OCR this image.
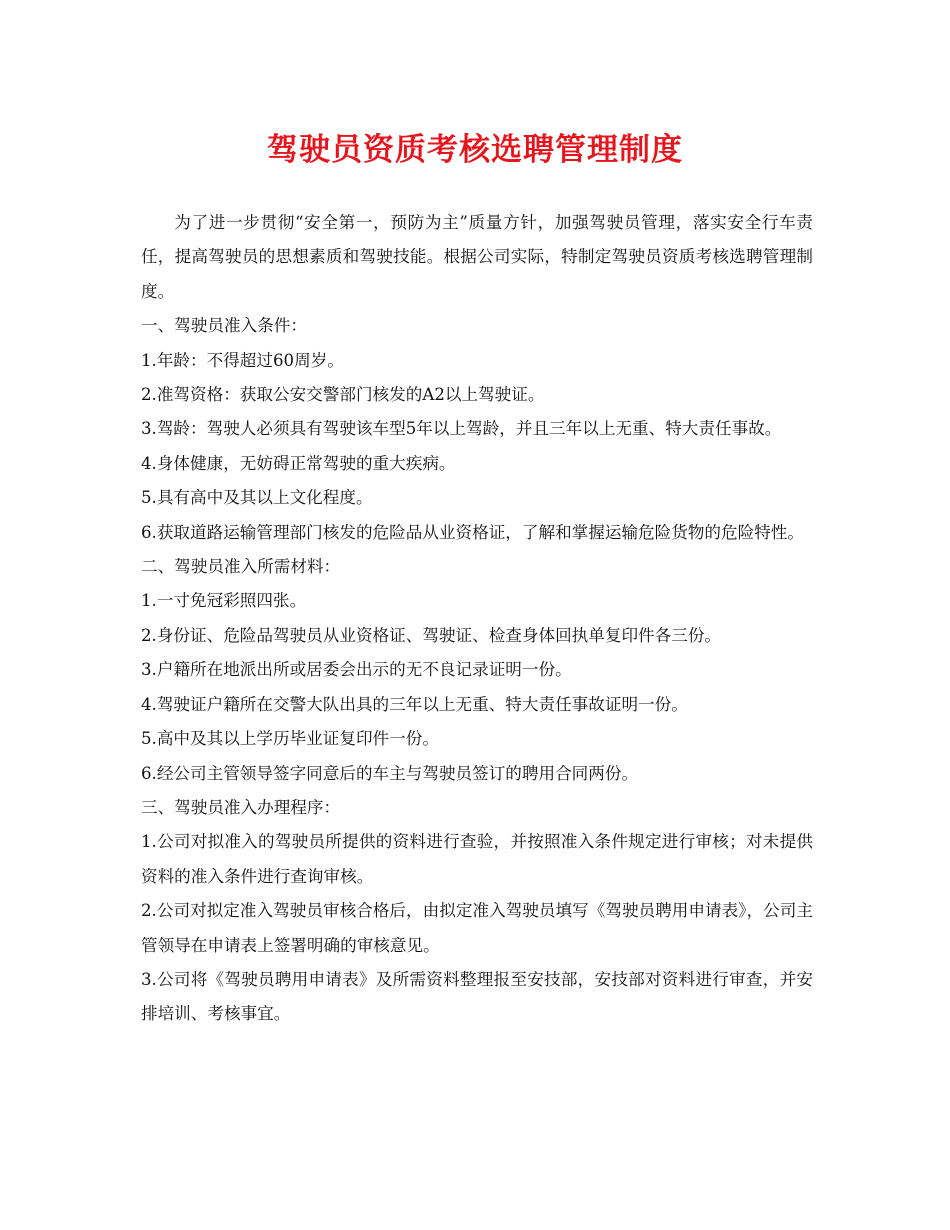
驾驶员资质考核选聘管理制度

为了进一步贯彻“安全第一，预防为主”质量方针，加强驾驶员管理，落实安全行车责任，提高驾驶员的思想素质和驾驶技能。根据公司实际，特制定驾驶员资质考核选聘管理制度。

一、驾驶员准入条件：

1.年龄：不得超过60周岁。

2.准驾资格：获取公安交警部门核发的A2以上驾驶证。

3.驾龄：驾驶人必须具有驾驶该车型5年以上驾龄，并且三年以上无重、特大责任事故。

4.身体健康，无妨碍正常驾驶的重大疾病。

5.具有高中及其以上文化程度。

6.获取道路运输管理部门核发的危险品从业资格证，了解和掌握运输危险货物的危险特性。

二、驾驶员准入所需材料：

1.一寸免冠彩照四张。

2.身份证、危险品驾驶员从业资格证、驾驶证、检查身体回执单复印件各三份。

3.户籍所在地派出所或居委会出示的无不良记录证明一份。

4.驾驶证户籍所在交警大队出具的三年以上无重、特大责任事故证明一份。

5.高中及其以上学历毕业证复印件一份。

6.经公司主管领导签字同意后的车主与驾驶员签订的聘用合同两份。

三、驾驶员准入办理程序：

1.公司对拟准入的驾驶员所提供的资料进行查验，并按照准入条件规定进行审核；对未提供资料的准入条件进行查询审核。

2.公司对拟定准入驾驶员审核合格后，由拟定准入驾驶员填写《驾驶员聘用申请表》，公司主管领导在申请表上签署明确的审核意见。

3.公司将《驾驶员聘用申请表》及所需资料整理报至安技部，安技部对资料进行审查，并安排培训、考核事宜。
